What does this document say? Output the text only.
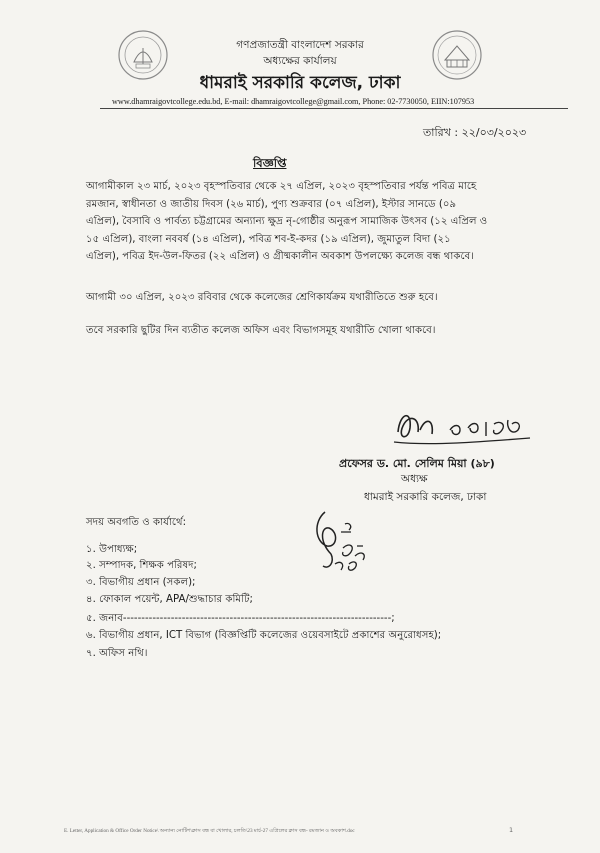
গণপ্রজাতন্ত্রী বাংলাদেশ সরকার
অধ্যক্ষের কার্যালয়
ধামরাই সরকারি কলেজ, ঢাকা
www.dhamraigovtcollege.edu.bd, E-mail: dhamraigovtcollege@gmail.com, Phone: 02-7730050, EIIN:107953
তারিখ : ২২/০৩/২০২৩
বিজ্ঞপ্তি
আগামীকাল ২৩ মার্চ, ২০২৩ বৃহস্পতিবার থেকে ২৭ এপ্রিল, ২০২৩ বৃহস্পতিবার পর্যন্ত পবিত্র মাহে
রমজান, স্বাধীনতা ও জাতীয় দিবস (২৬ মার্চ), পুণ্য শুক্রবার (০৭ এপ্রিল), ইস্টার সানডে (০৯
এপ্রিল), বৈসাবি ও পার্বত্য চট্টগ্রামের অন্যান্য ক্ষুদ্র নৃ-গোষ্ঠীর অনুরূপ সামাজিক উৎসব (১২ এপ্রিল ও
১৫ এপ্রিল), বাংলা নববর্ষ (১৪ এপ্রিল), পবিত্র শব-ই-কদর (১৯ এপ্রিল), জুমাতুল বিদা (২১
এপ্রিল), পবিত্র ইদ-উল-ফিতর (২২ এপ্রিল) ও গ্রীষ্মকালীন অবকাশ উপলক্ষ্যে কলেজ বন্ধ থাকবে।
আগামী ৩০ এপ্রিল, ২০২৩ রবিবার থেকে কলেজের শ্রেণিকার্যক্রম যথারীতিতে শুরু হবে।
তবে সরকারি ছুটির দিন ব্যতীত কলেজ অফিস এবং বিভাগসমূহ যথারীতি খোলা থাকবে।
প্রফেসর ড. মো. সেলিম মিয়া (৯৮)
অধ্যক্ষ
ধামরাই সরকারি কলেজ, ঢাকা
সদয় অবগতি ও কার্যার্থে:
১. উপাধ্যক্ষ;
২. সম্পাদক, শিক্ষক পরিষদ;
৩. বিভাগীয় প্রধান (সকল);
৪. ফোকাল পয়েন্ট, APA/শুদ্ধাচার কমিটি;
৫. জনাব-------------------------------------------------------------------------;
৬. বিভাগীয় প্রধান, ICT বিভাগ (বিজ্ঞপ্তিটি কলেজের ওয়েবসাইটে প্রকাশের অনুরোধসহ);
৭. অফিস নথি।
E. Letter, Application & Office Order Notice\ অন্যান্য নোটিশ\ক্লাস বন্ধ বা খোলার, চলতি\23 মার্চ-27 এপ্রিলের ক্লাস বন্ধ- রমজান ও অবকাশ.doc	1
